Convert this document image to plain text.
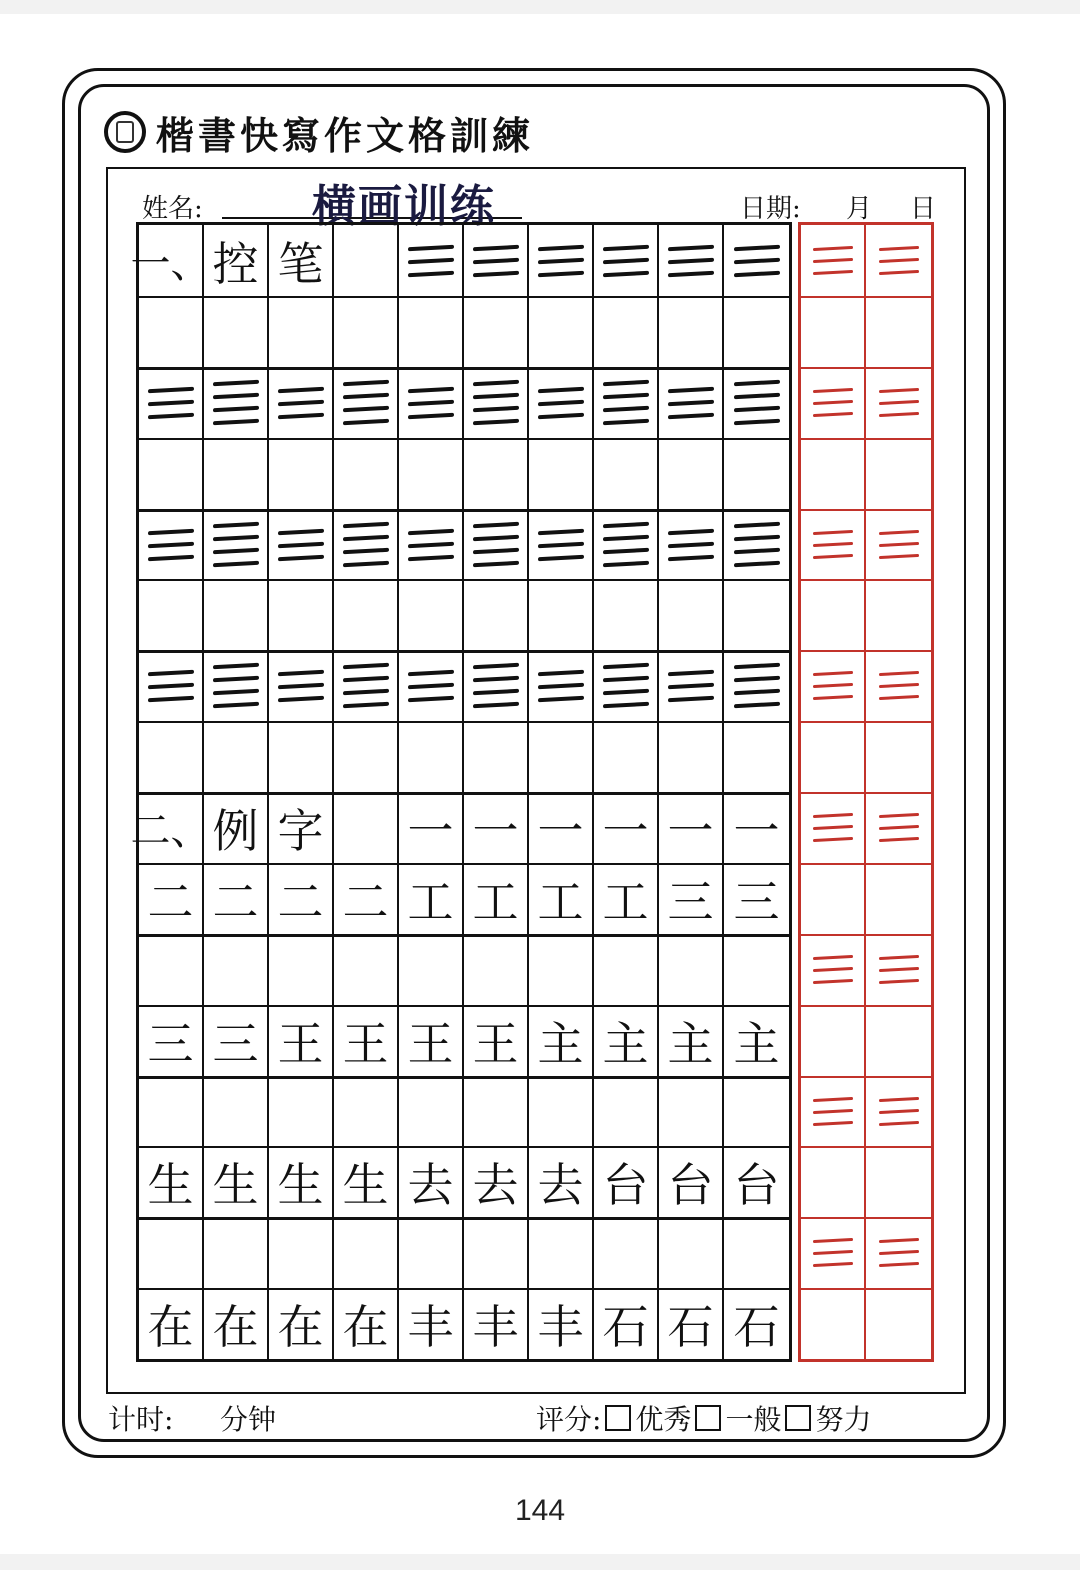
楷書快寫作文格訓練
姓名: 横画训练	日期: 月 日
一、 控 笔
二、 例 字 一 一 一 一 一 一
二 二 二 二 工 工 工 工 三 三
三 三 王 王 王 王 主 主 主 主
生 生 生 生 去 去 去 台 台 台
在 在 在 在 丰 丰 丰 石 石 石
计时: 分钟	评分: 优秀 一般 努力
144
